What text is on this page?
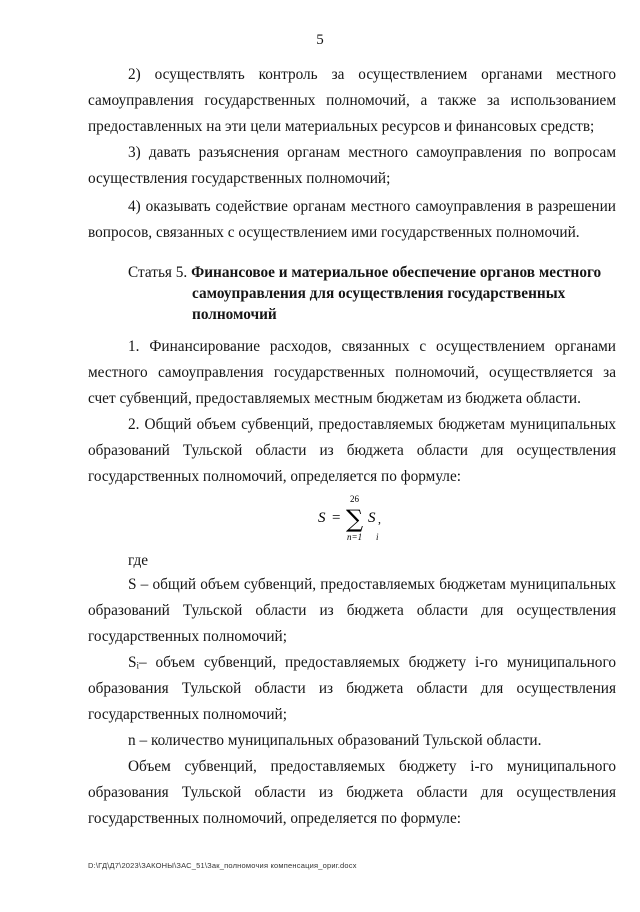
5
2) осуществлять контроль за осуществлением органами местного
самоуправления государственных полномочий, а также за использованием
предоставленных на эти цели материальных ресурсов и финансовых средств;
3) давать разъяснения органам местного самоуправления по вопросам
осуществления государственных полномочий;
4) оказывать содействие органам местного самоуправления в разрешении
вопросов, связанных с осуществлением ими государственных полномочий.
Статья 5. Финансовое и материальное обеспечение органов местного
самоуправления для осуществления государственных
полномочий
1. Финансирование расходов, связанных с осуществлением органами
местного самоуправления государственных полномочий, осуществляется за
счет субвенций, предоставляемых местным бюджетам из бюджета области.
2. Общий объем субвенций, предоставляемых бюджетам муниципальных
образований Тульской области из бюджета области для осуществления
государственных полномочий, определяется по формуле:
S =
26
∑
n=1
S ,
i
где
S – общий объем субвенций, предоставляемых бюджетам муниципальных
образований Тульской области из бюджета области для осуществления
государственных полномочий;
Sᵢ– объем субвенций, предоставляемых бюджету i-го муниципального
образования Тульской области из бюджета области для осуществления
государственных полномочий;
n – количество муниципальных образований Тульской области.
Объем субвенций, предоставляемых бюджету i-го муниципального
образования Тульской области из бюджета области для осуществления
государственных полномочий, определяется по формуле:
D:\ГД\Д7\2023\ЗАКОНЫ\ЗАС_51\Зак_полномочия компенсация_ориг.docx
